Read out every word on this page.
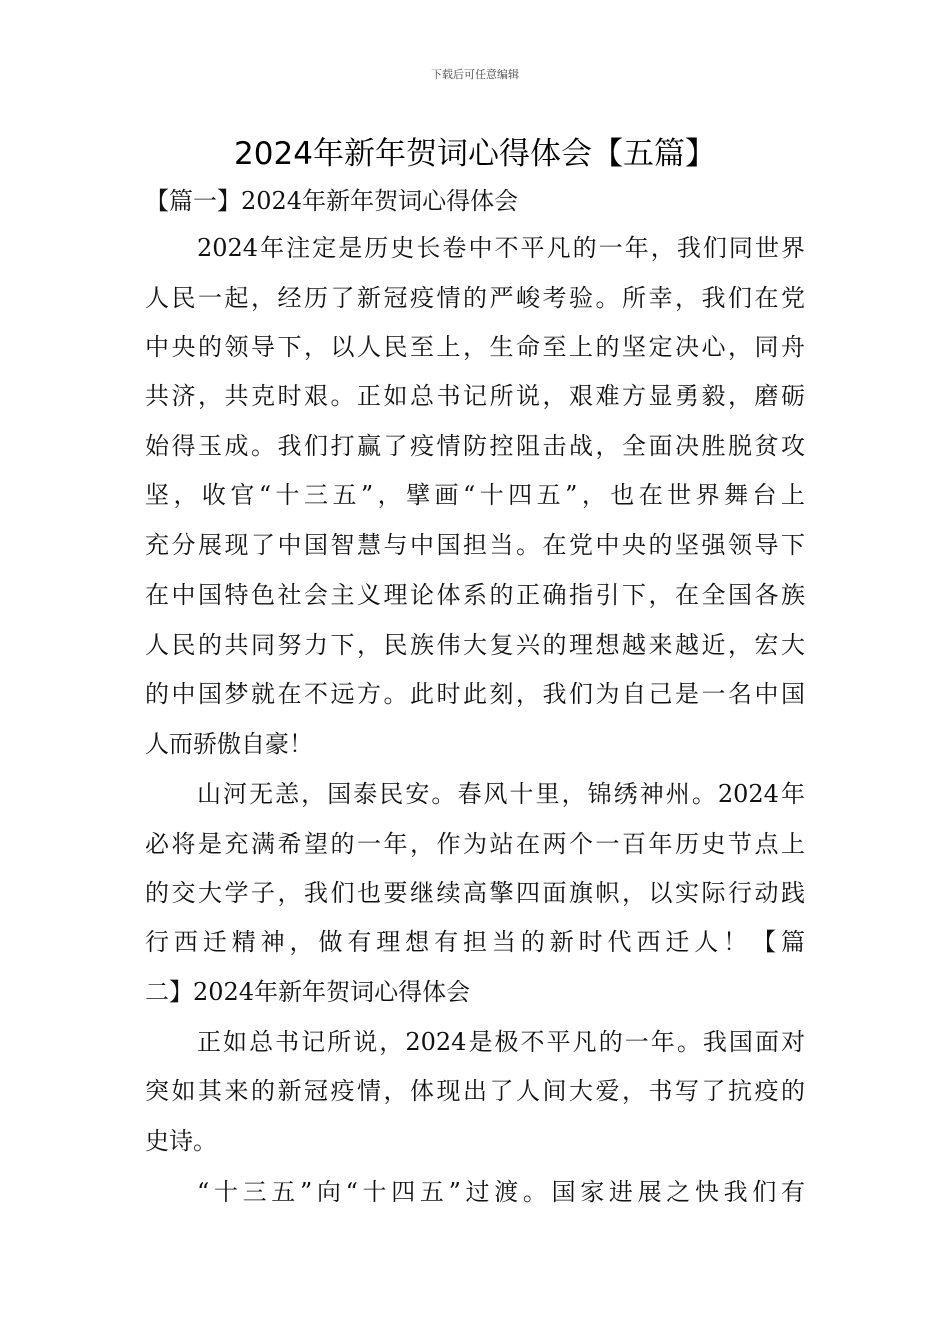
下载后可任意编辑
2024年新年贺词心得体会【五篇】
【篇一】2024年新年贺词心得体会
2024年注定是历史长卷中不平凡的一年，我们同世界
人民一起，经历了新冠疫情的严峻考验。所幸，我们在党
中央的领导下，以人民至上，生命至上的坚定决心，同舟
共济，共克时艰。正如总书记所说，艰难方显勇毅，磨砺
始得玉成。我们打赢了疫情防控阻击战，全面决胜脱贫攻
坚，收官“十三五”，擘画“十四五”，也在世界舞台上
充分展现了中国智慧与中国担当。在党中央的坚强领导下
在中国特色社会主义理论体系的正确指引下，在全国各族
人民的共同努力下，民族伟大复兴的理想越来越近，宏大
的中国梦就在不远方。此时此刻，我们为自己是一名中国
人而骄傲自豪！
山河无恙，国泰民安。春风十里，锦绣神州。2024年
必将是充满希望的一年，作为站在两个一百年历史节点上
的交大学子，我们也要继续高擎四面旗帜，以实际行动践
行西迁精神，做有理想有担当的新时代西迁人！【篇
二】2024年新年贺词心得体会
正如总书记所说，2024是极不平凡的一年。我国面对
突如其来的新冠疫情，体现出了人间大爱，书写了抗疫的
史诗。
“十三五”向“十四五”过渡。国家进展之快我们有
